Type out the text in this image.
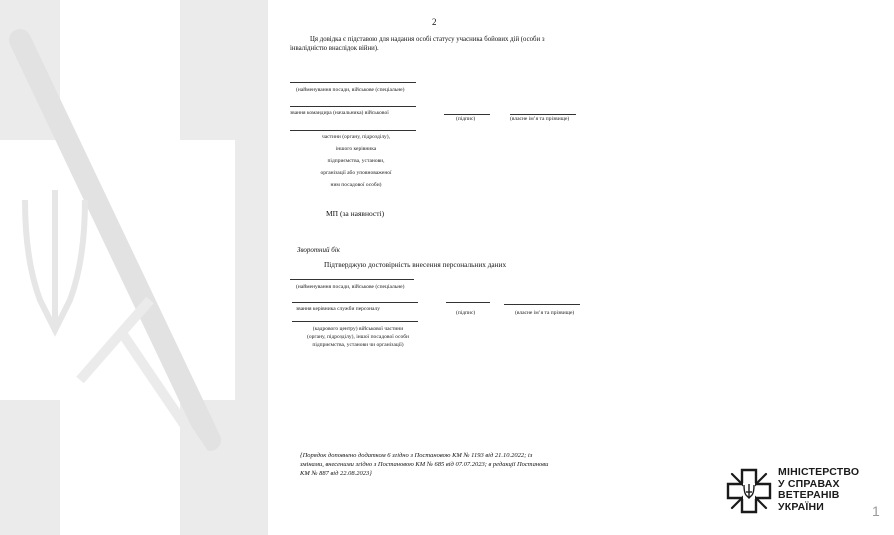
2
Ця довідка є підставою для надання особі статусу учасника бойових дій (особи з
інвалідністю внаслідок війни).
(найменування посади, військове (спеціальне)
звання командира (начальника) військової
(підпис)	(власне ім’я та прізвище)
частини (органу, підрозділу),
іншого керівника
підприємства, установи,
організації або уповноваженої
ним посадової особи)
МП (за наявності)
Зворотний бік
Підтверджую достовірність внесення персональних даних
(найменування посади, військове (спеціальне)
звання керівника служби персоналу
(підпис)	(власне ім’я та прізвище)
(кадрового центру) військової частини
(органу, підрозділу), іншої посадової особи
підприємства, установи чи організації)
{Порядок доповнено додатком 6 згідно з Постановою КМ № 1193 від 21.10.2022; із
змінами, внесеними згідно з Постановою КМ № 685 від 07.07.2023; в редакції Постанови
КМ № 887 від 22.08.2023}	МІНІСТЕРСТВО
У СПРАВАХ
ВЕТЕРАНІВ
УКРАЇНИ	1
